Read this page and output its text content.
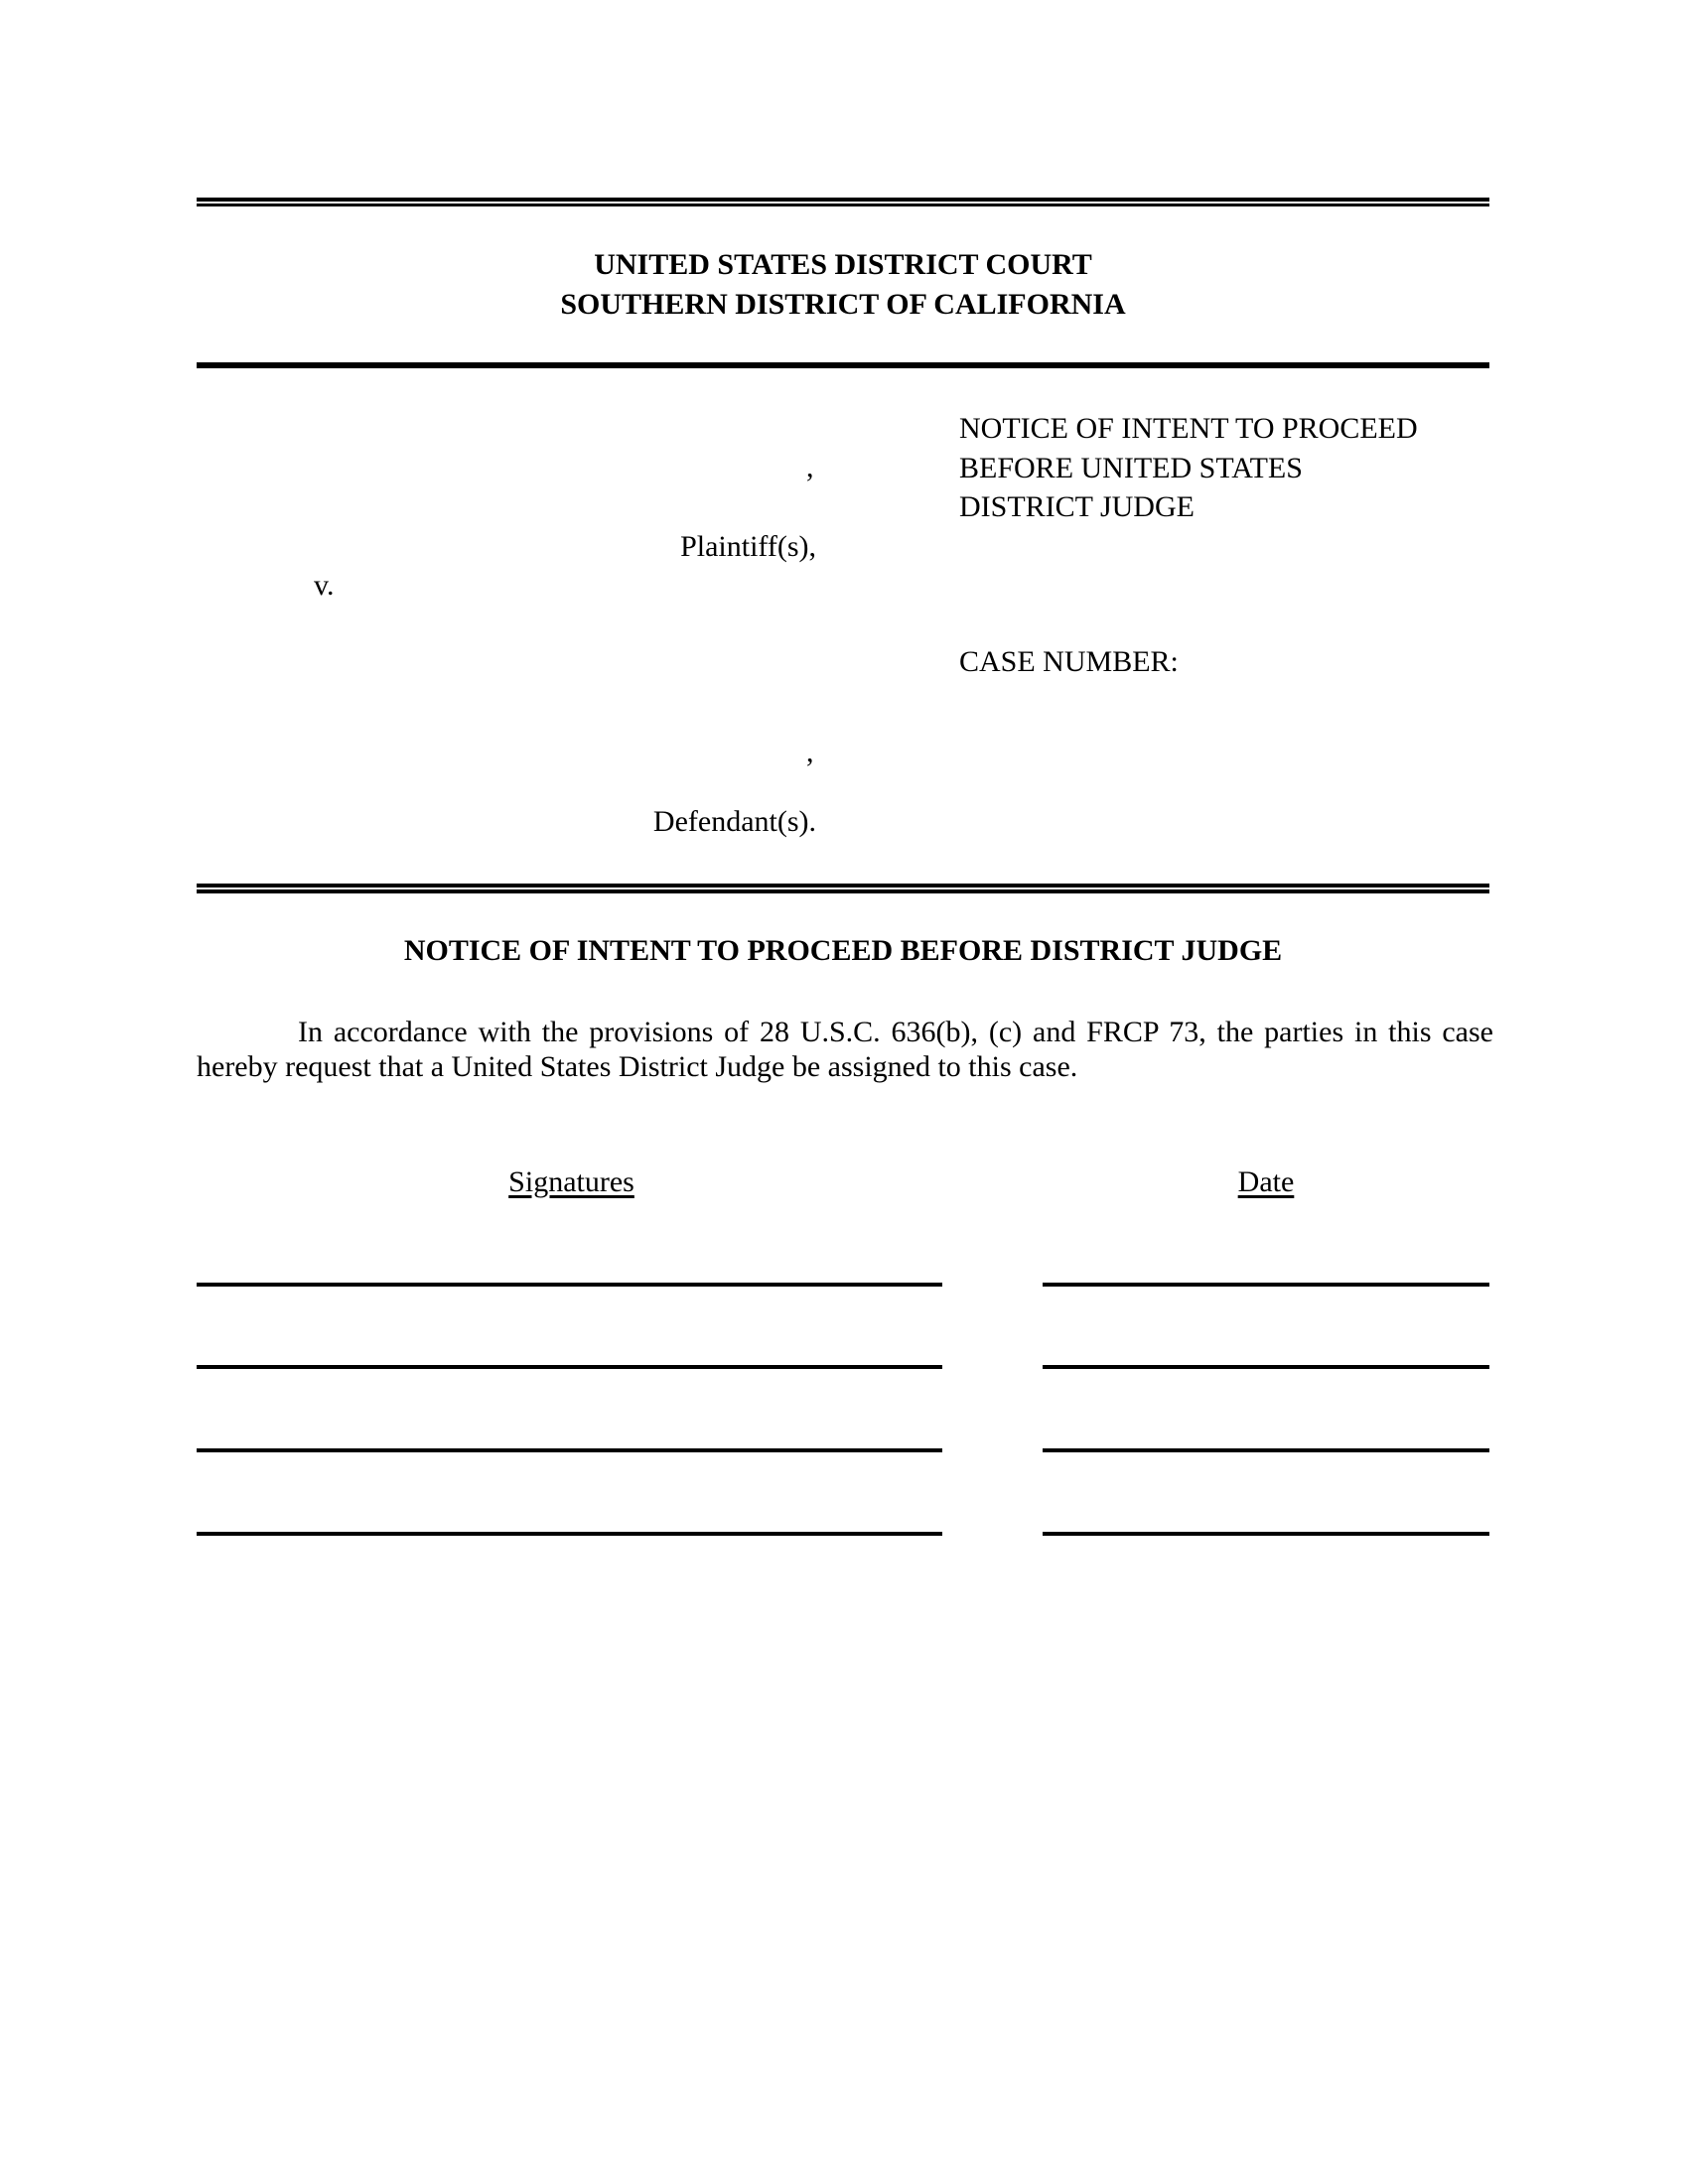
UNITED STATES DISTRICT COURT
SOUTHERN DISTRICT OF CALIFORNIA
,
Plaintiff(s),
v.
,
Defendant(s).
NOTICE OF INTENT TO PROCEED
BEFORE UNITED STATES
DISTRICT JUDGE
CASE NUMBER:
NOTICE OF INTENT TO PROCEED BEFORE DISTRICT JUDGE
In accordance with the provisions of 28 U.S.C. 636(b), (c) and FRCP 73, the parties in this case hereby request that a United States District Judge be assigned to this case.
Signatures	Date
